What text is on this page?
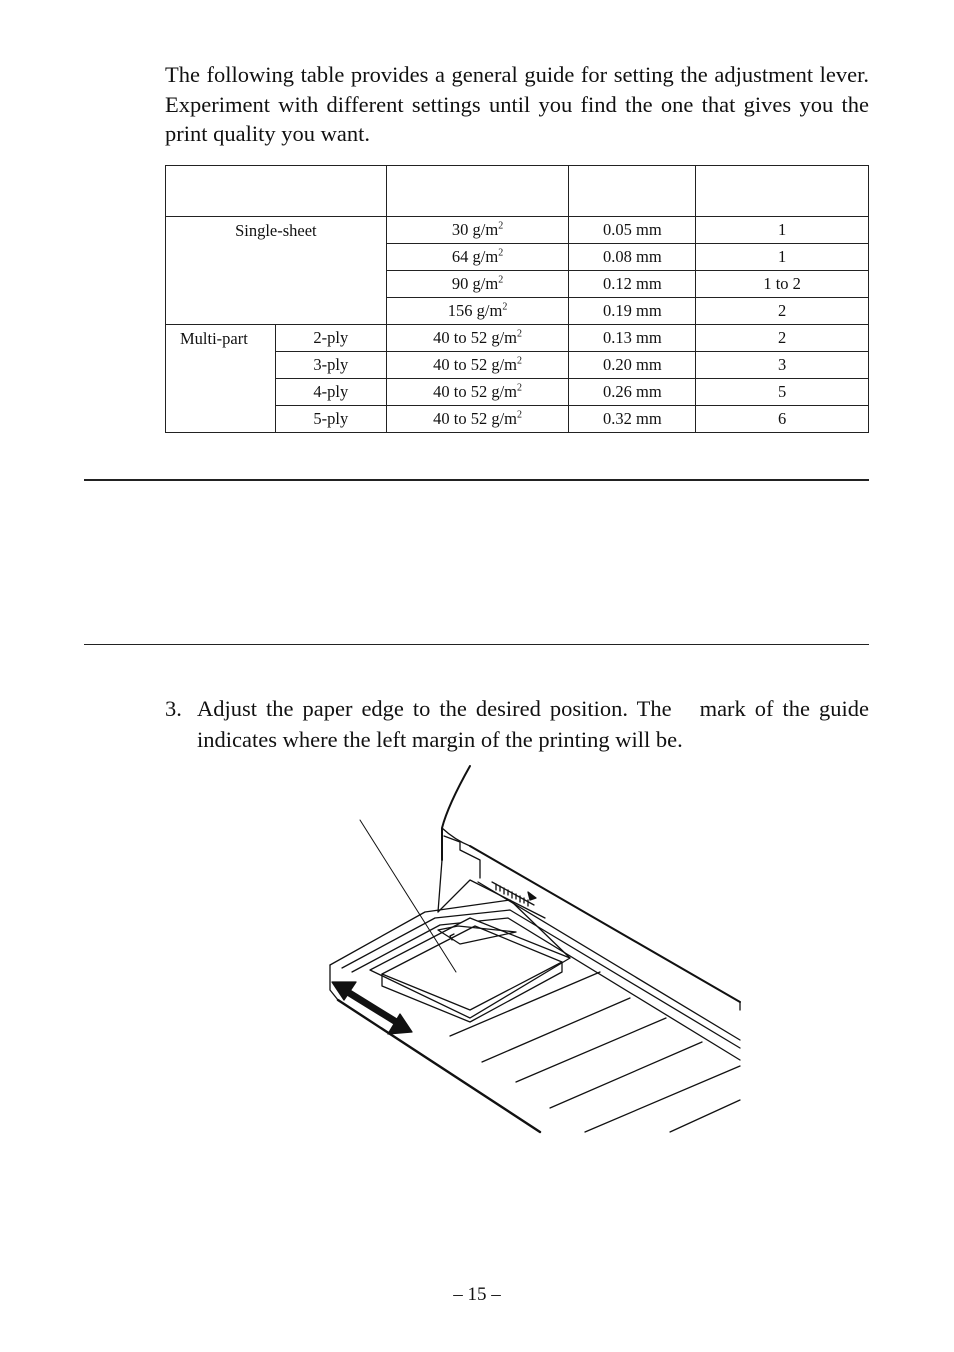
The following table provides a general guide for setting the adjustment lever. Experiment with different settings until you find the one that gives you the print quality you want.

Single-sheet		30 $g/m^2$	0.05 mm	1
		64 $g/m^2$	0.08 mm	1
		90 $g/m^2$	0.12 mm	1 to 2
		156 $g/m^2$	0.19 mm	2
Multi-part	2-ply	40 to 52 $g/m^2$	0.13 mm	2
	3-ply	40 to 52 $g/m^2$	0.20 mm	3
	4-ply	40 to 52 $g/m^2$	0.26 mm	5
	5-ply	40 to 52 $g/m^2$	0.32 mm	6
3. Adjust the paper edge to the desired position. The mark of the guide
indicates where the left margin of the printing will be.
– 15 –
